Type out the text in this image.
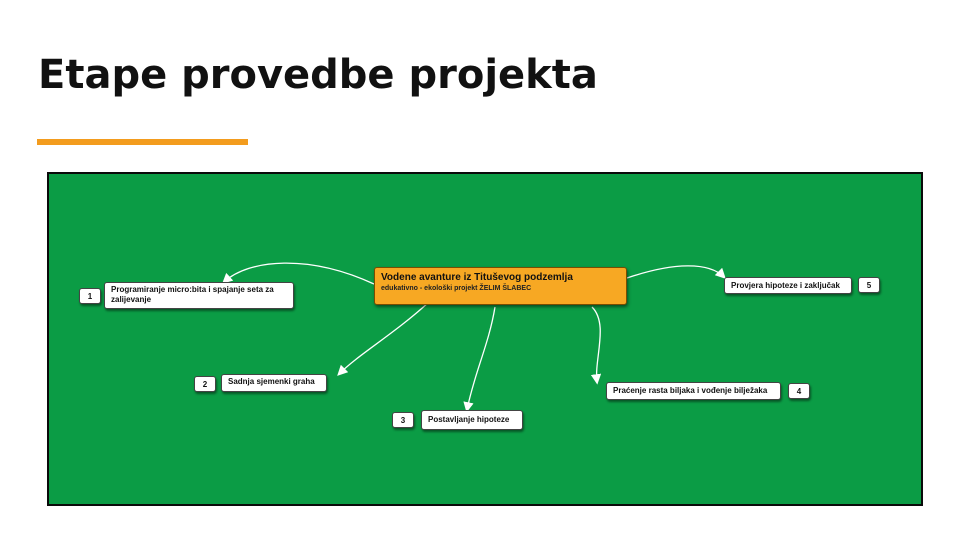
Etape provedbe projekta
Vodene avanture iz Tituševog podzemlja
edukativno - ekološki projekt ŽELIM ŠLABEC
1
Programiranje micro:bita i spajanje seta za zalijevanje
2	Sadnja sjemenki graha
3	Postavljanje hipoteze
Praćenje rasta biljaka i vođenje bilježaka	4
Provjera hipoteze i zaključak	5
